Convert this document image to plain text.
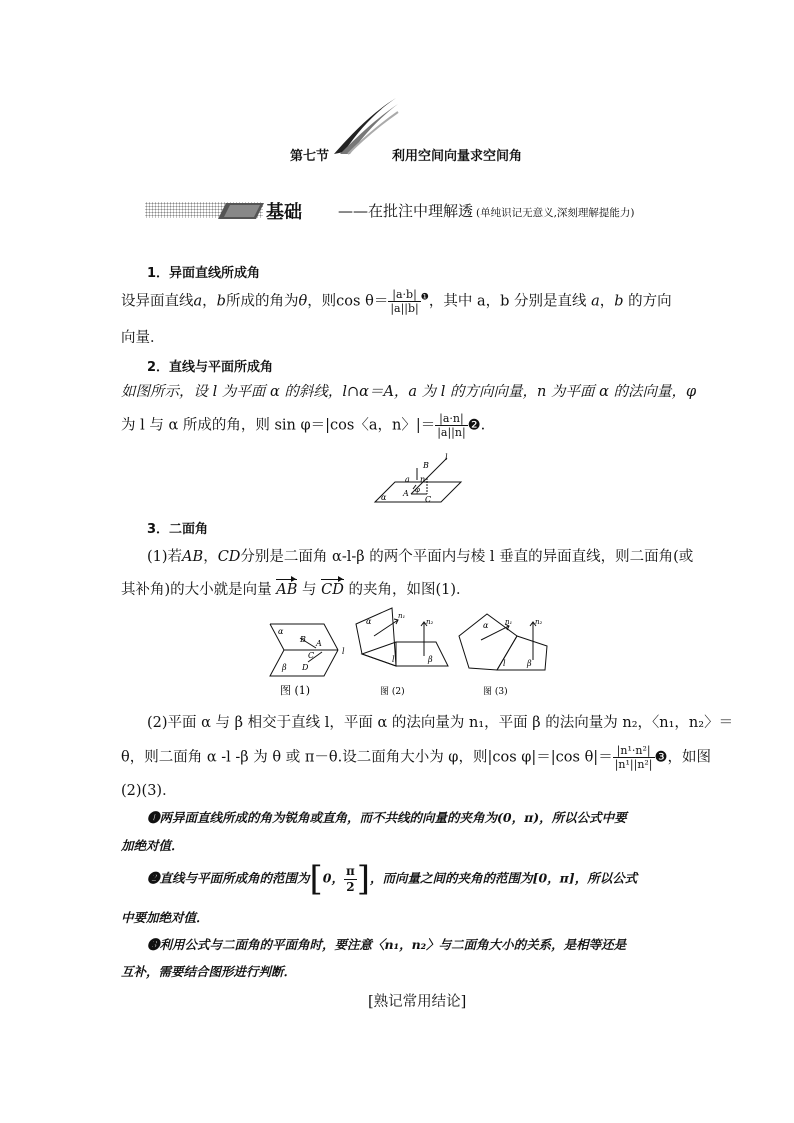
第七节	利用空间向量求空间角
基础 ——在批注中理解透 (单纯识记无意义,深刻理解提能力)
1．异面直线所成角
设异面直线a，b所成的角为θ，则$\cos \theta= \frac{|a\cdot b|}{|a||b|} ^❶$，其中 a，b 分别是直线 a，b 的方向
向量．
2．直线与平面所成角
如图所示，设 l 为平面 α 的斜线，l∩α＝A，a 为 l 的方向向量，n 为平面 α 的法向量，φ
为 l 与 α 所成的角，则 sin φ＝|cos〈a，n〉|＝ $\frac{|a\cdot n|}{|a||n|}$ ❷.
l
B
a n
A φ
C
α
3．二面角
(1)若AB，CD分别是二面角 α-l-β 的两个平面内与棱 l 垂直的异面直线，则二面角(或
其补角)的大小就是向量 AB 与 CD 的夹角，如图(1)．
α
β
A
B
C
D
l
图 (1)
α
n₁
n₂
l	β
图 (2)
α n₁	n₂
l	β
图 (3)
(2)平面 α 与 β 相交于直线 l，平面 α 的法向量为 n₁，平面 β 的法向量为 n₂，〈n₁，n₂〉＝
θ，则二面角 α -l -β 为 θ 或 π－θ.设二面角大小为 φ，则|cos φ|＝|cos $\theta|= \frac{\text{|n¹·n²|}}{\text{|n¹||n²|}}$ ❸，如图
(2)(3)．
❶两异面直线所成的角为锐角或直角，而不共线的向量的夹角为(0，π)，所以公式中要
加绝对值．
❷直线与平面所成角的范围为[0， $\frac{\pi}{2}$ ]，而向量之间的夹角的范围为[0，π]，所以公式
中要加绝对值．
❸利用公式与二面角的平面角时，要注意〈n₁，n₂〉与二面角大小的关系，是相等还是
互补，需要结合图形进行判断．
[熟记常用结论]
